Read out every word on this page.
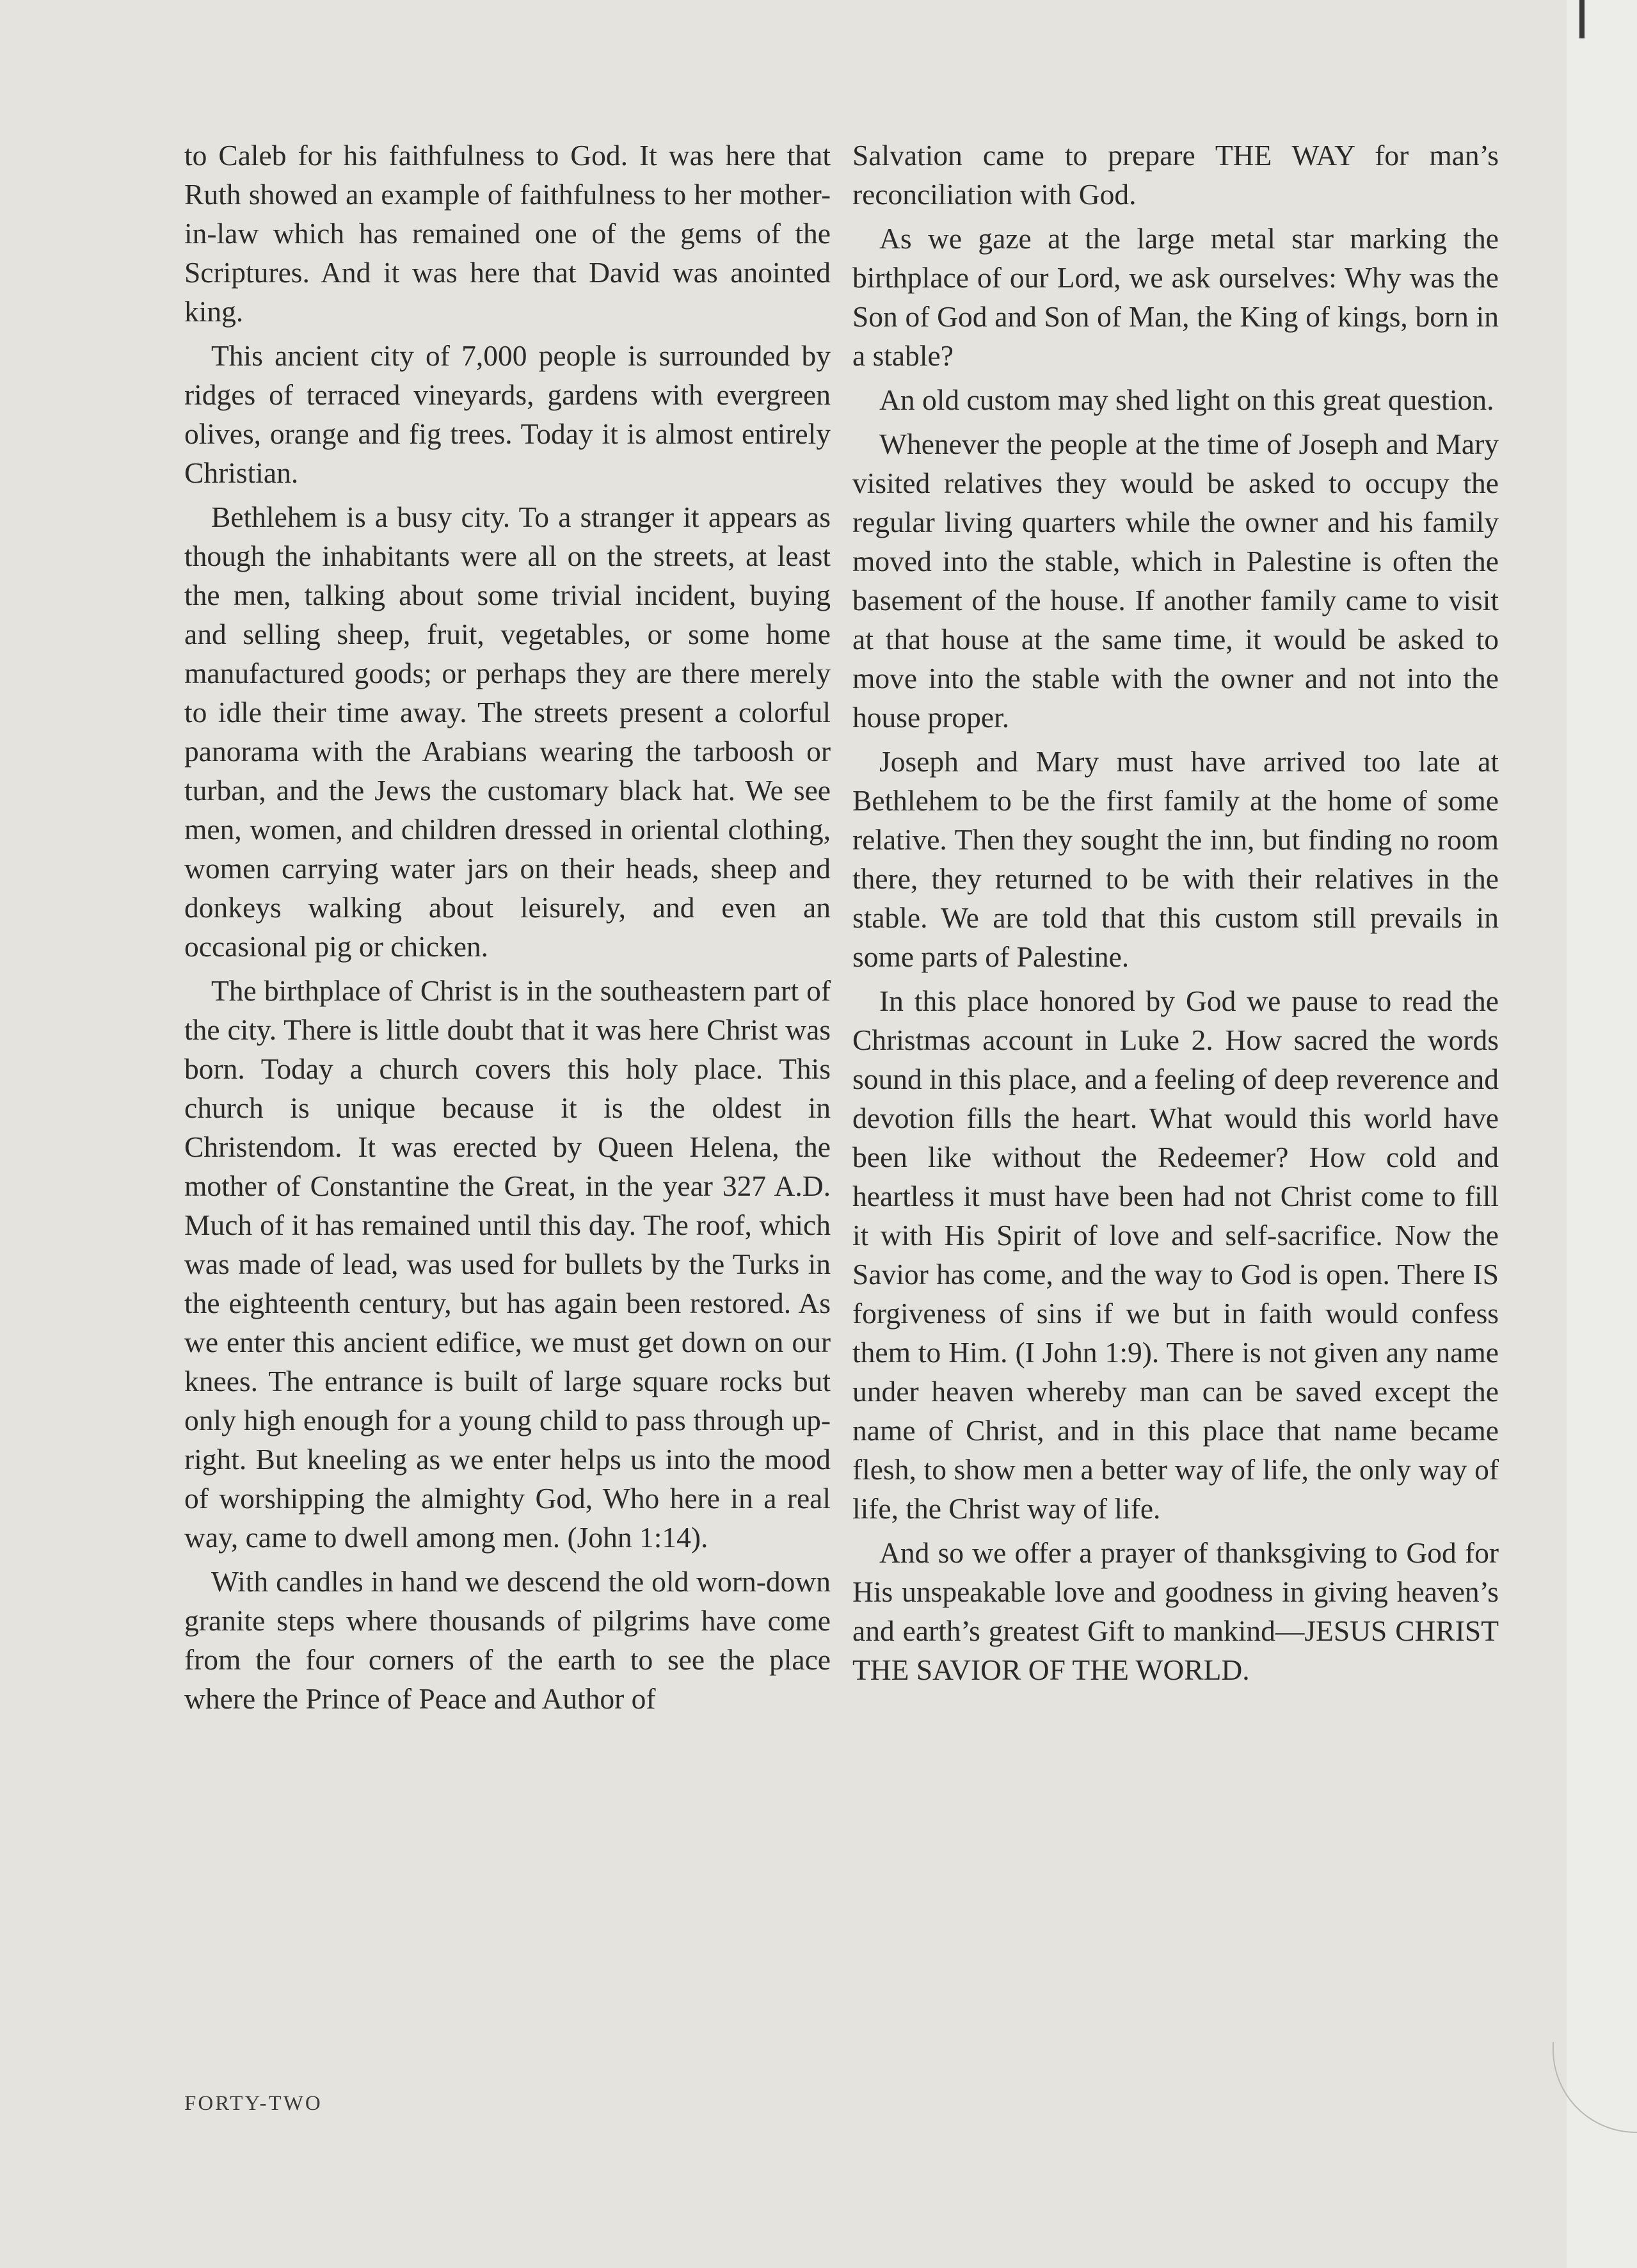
to Caleb for his faithfulness to God. It was here that Ruth showed an example of faithfulness to her mother-in-law which has remained one of the gems of the Scriptures. And it was here that David was anointed king.

This ancient city of 7,000 people is surrounded by ridges of terraced vineyards, gardens with evergreen olives, orange and fig trees. Today it is almost entirely Christian.

Bethlehem is a busy city. To a stranger it appears as though the inhabitants were all on the streets, at least the men, talking about some trivial incident, buying and selling sheep, fruit, vegetables, or some home manufactured goods; or perhaps they are there merely to idle their time away. The streets present a colorful panorama with the Arabians wearing the tarboosh or turban, and the Jews the customary black hat. We see men, women, and children dressed in oriental clothing, women carrying water jars on their heads, sheep and donkeys walking about leisurely, and even an occasional pig or chicken.

The birthplace of Christ is in the southeastern part of the city. There is little doubt that it was here Christ was born. Today a church covers this holy place. This church is unique because it is the oldest in Christendom. It was erected by Queen Helena, the mother of Constantine the Great, in the year 327 A.D. Much of it has remained until this day. The roof, which was made of lead, was used for bullets by the Turks in the eighteenth century, but has again been restored. As we enter this ancient edifice, we must get down on our knees. The entrance is built of large square rocks but only high enough for a young child to pass through upright. But kneeling as we enter helps us into the mood of worshipping the almighty God, Who here in a real way, came to dwell among men. (John 1:14).

With candles in hand we descend the old worn-down granite steps where thousands of pilgrims have come from the four corners of the earth to see the place where the Prince of Peace and Author of

Salvation came to prepare THE WAY for man’s reconciliation with God.

As we gaze at the large metal star marking the birthplace of our Lord, we ask ourselves: Why was the Son of God and Son of Man, the King of kings, born in a stable?

An old custom may shed light on this great question.

Whenever the people at the time of Joseph and Mary visited relatives they would be asked to occupy the regular living quarters while the owner and his family moved into the stable, which in Palestine is often the basement of the house. If another family came to visit at that house at the same time, it would be asked to move into the stable with the owner and not into the house proper.

Joseph and Mary must have arrived too late at Bethlehem to be the first family at the home of some relative. Then they sought the inn, but finding no room there, they returned to be with their relatives in the stable. We are told that this custom still prevails in some parts of Palestine.

In this place honored by God we pause to read the Christmas account in Luke 2. How sacred the words sound in this place, and a feeling of deep reverence and devotion fills the heart. What would this world have been like without the Redeemer? How cold and heartless it must have been had not Christ come to fill it with His Spirit of love and self-sacrifice. Now the Savior has come, and the way to God is open. There IS forgiveness of sins if we but in faith would confess them to Him. (I John 1:9). There is not given any name under heaven whereby man can be saved except the name of Christ, and in this place that name became flesh, to show men a better way of life, the only way of life, the Christ way of life.

And so we offer a prayer of thanksgiving to God for His unspeakable love and goodness in giving heaven’s and earth’s greatest Gift to mankind—JESUS CHRIST THE SAVIOR OF THE WORLD.

FORTY-TWO
